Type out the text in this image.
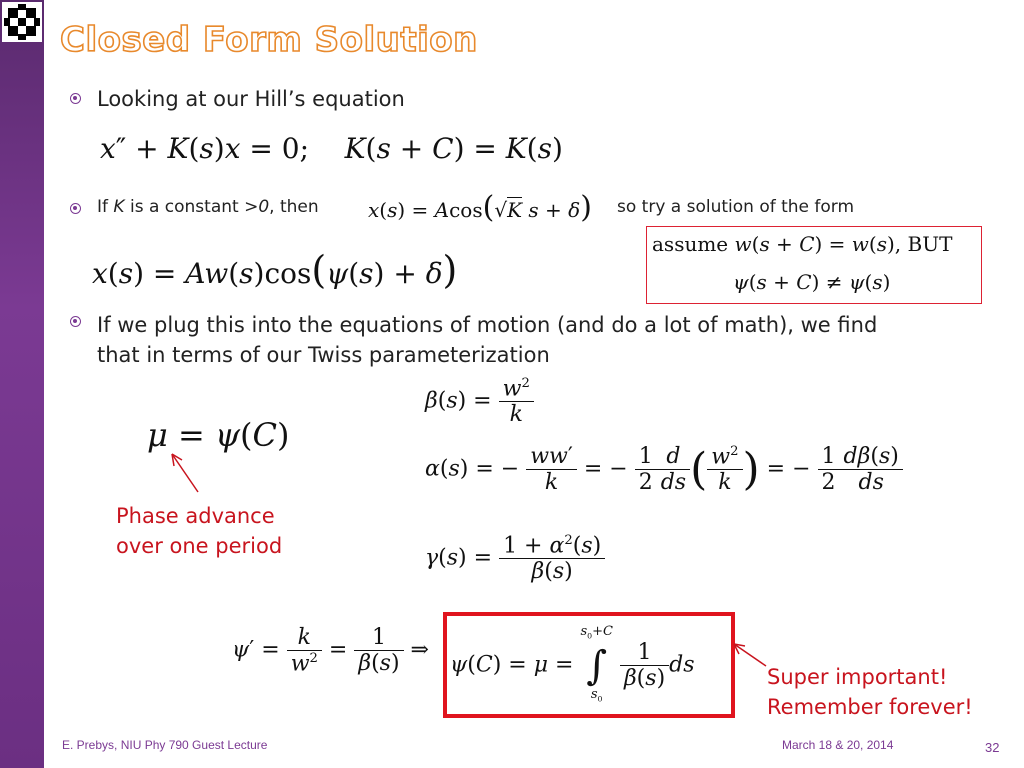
Closed Form Solution
Looking at our Hill’s equation
x″ + K(s)x = 0;    K(s + C) = K(s)
If K is a constant >0, then x(s) = Acos(√K s + δ) so try a solution of the form
assume w(s + C) = w(s), BUT
ψ(s + C) ≠ ψ(s)
x(s) = Aw(s)cos(ψ(s) + δ)
If we plug this into the equations of motion (and do a lot of math), we find
that in terms of our Twiss parameterization
μ = ψ(C)
Phase advance
over one period
$\beta(s) = \frac{w^2}{k}$
α(s) = − $\frac{ww'}{k}$ = − $\frac{1}{2} \frac{d}{ds}$ ( $\frac{w^2}{k}$ ) = − $\frac{1}{2} \frac{d\beta(s)}{ds}$
$\gamma(s) = \frac{1 + \alpha^2(s)}{\beta(s)}$
$\psi' = \frac{k}{w^2} = \frac{1}{\beta(s)}$ ⇒
$\psi(C) = \mu = s_0+C$
∫
$s_0$
$\frac{1}{\beta(s)}$ ds	Super important!
Remember forever!
E. Prebys, NIU Phy 790 Guest Lecture	March 18 & 20, 2014	32
